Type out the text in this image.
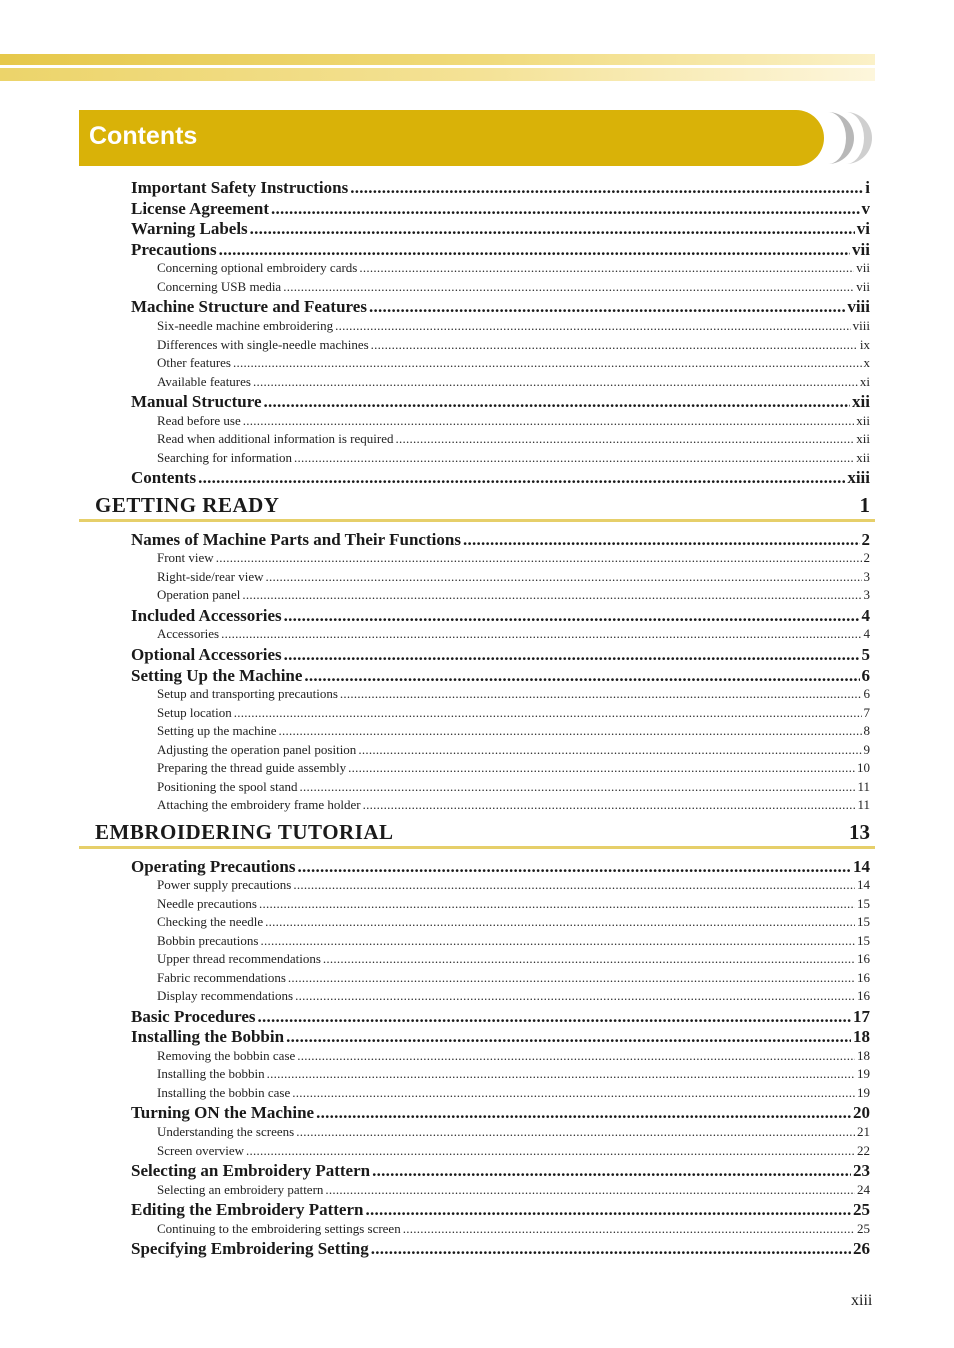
Contents
Important Safety Instructions . . .	i
License Agreement . . .	v
Warning Labels . . .	vi
Precautions . . .	vii
Concerning optional embroidery cards . . .	vii
Concerning USB media . . .	vii
Machine Structure and Features . . .	viii
Six-needle machine embroidering . . .	viii
Differences with single-needle machines . . .	ix
Other features . . .	x
Available features . . .	xi
Manual Structure . . .	xii
Read before use . . .	xii
Read when additional information is required . . .	xii
Searching for information . . .	xii
Contents . . .	xiii
GETTING READY	1
Names of Machine Parts and Their Functions . . .	2
Front view . . .	2
Right-side/rear view . . .	3
Operation panel . . .	3
Included Accessories . . .	4
Accessories . . .	4
Optional Accessories . . .	5
Setting Up the Machine . . .	6
Setup and transporting precautions . . .	6
Setup location . . .	7
Setting up the machine . . .	8
Adjusting the operation panel position . . .	9
Preparing the thread guide assembly . . .	10
Positioning the spool stand . . .	11
Attaching the embroidery frame holder . . .	11
EMBROIDERING TUTORIAL	13
Operating Precautions . . .	14
Power supply precautions . . .	14
Needle precautions . . .	15
Checking the needle . . .	15
Bobbin precautions . . .	15
Upper thread recommendations . . .	16
Fabric recommendations . . .	16
Display recommendations . . .	16
Basic Procedures . . .	17
Installing the Bobbin . . .	18
Removing the bobbin case . . .	18
Installing the bobbin . . .	19
Installing the bobbin case . . .	19
Turning ON the Machine . . .	20
Understanding the screens . . .	21
Screen overview . . .	22
Selecting an Embroidery Pattern . . .	23
Selecting an embroidery pattern . . .	24
Editing the Embroidery Pattern . . .	25
Continuing to the embroidering settings screen . . .	25
Specifying Embroidering Setting . . .	26
xiii
